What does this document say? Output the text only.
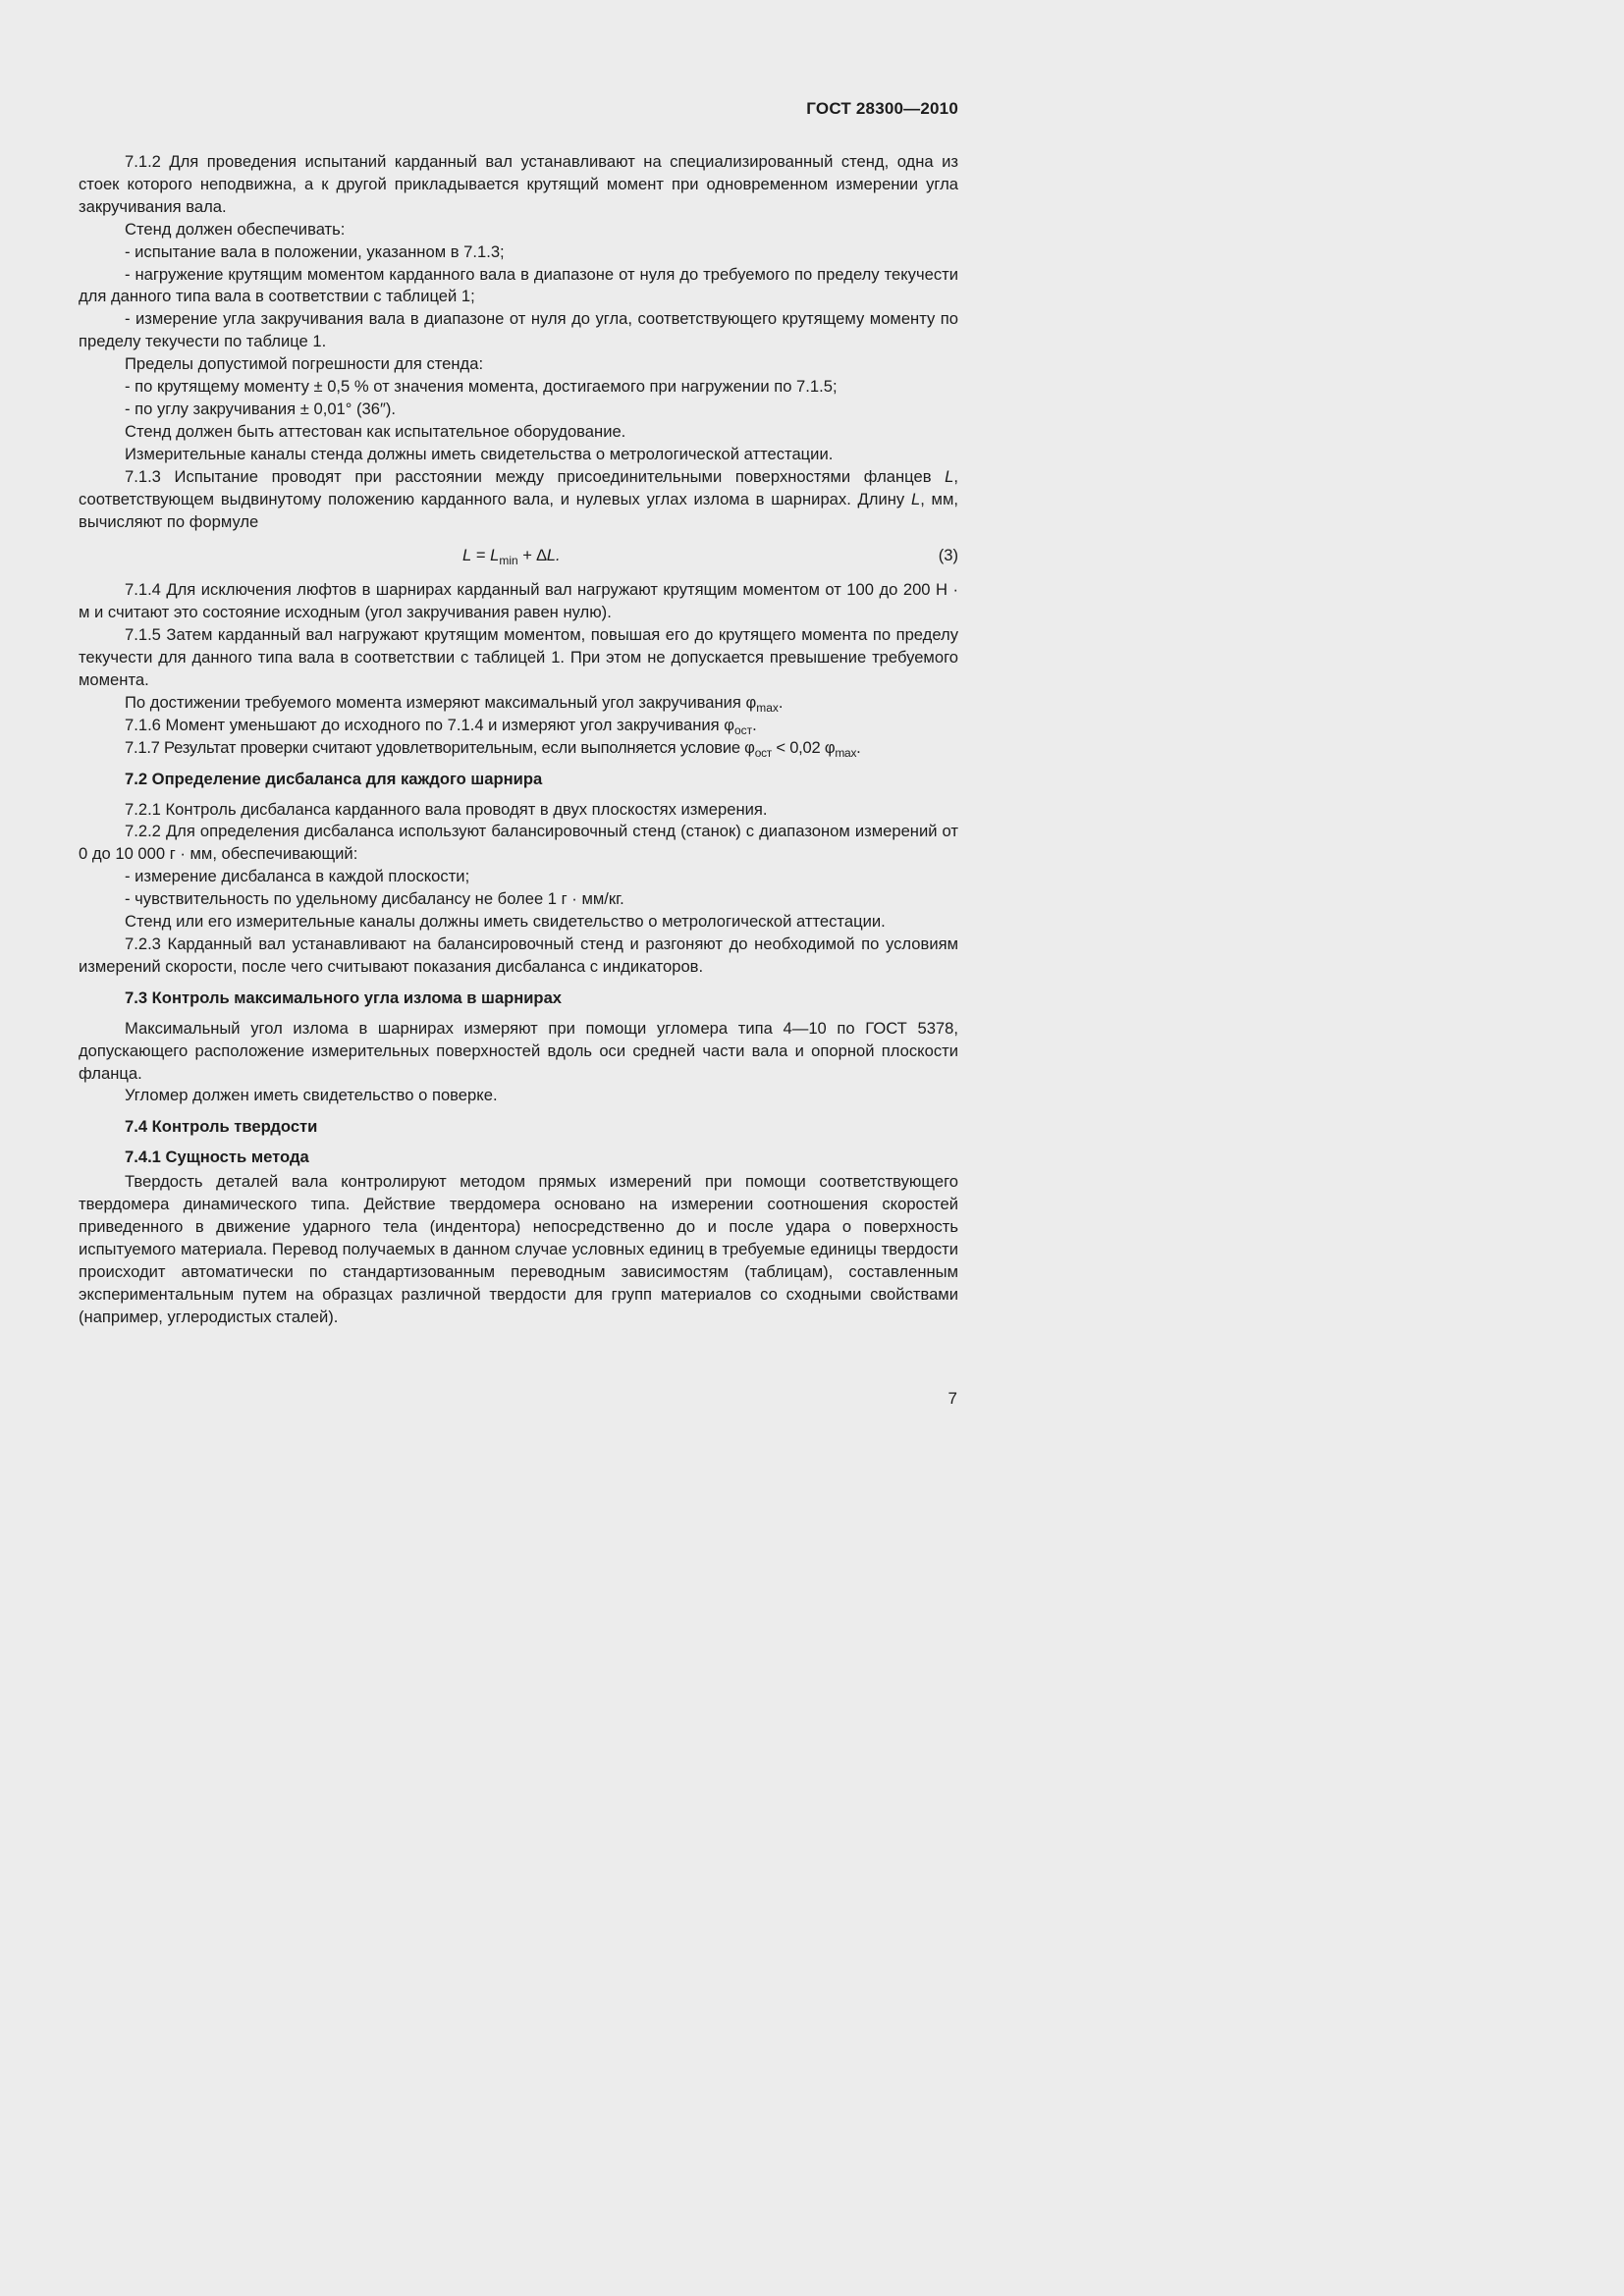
ГОСТ 28300—2010

7.1.2 Для проведения испытаний карданный вал устанавливают на специализированный стенд, одна из стоек которого неподвижна, а к другой прикладывается крутящий момент при одновременном измерении угла закручивания вала.

Стенд должен обеспечивать:

- испытание вала в положении, указанном в 7.1.3;

- нагружение крутящим моментом карданного вала в диапазоне от нуля до требуемого по пределу текучести для данного типа вала в соответствии с таблицей 1;

- измерение угла закручивания вала в диапазоне от нуля до угла, соответствующего крутящему моменту по пределу текучести по таблице 1.

Пределы допустимой погрешности для стенда:

- по крутящему моменту ± 0,5 % от значения момента, достигаемого при нагружении по 7.1.5;

- по углу закручивания ± 0,01° (36″).

Стенд должен быть аттестован как испытательное оборудование.

Измерительные каналы стенда должны иметь свидетельства о метрологической аттестации.

7.1.3 Испытание проводят при расстоянии между присоединительными поверхностями фланцев L, соответствующем выдвинутому положению карданного вала, и нулевых углах излома в шарнирах. Длину L, мм, вычисляют по формуле

$L = L_{min} + \Delta L$.	(3)

7.1.4 Для исключения люфтов в шарнирах карданный вал нагружают крутящим моментом от 100 до 200 Н · м и считают это состояние исходным (угол закручивания равен нулю).

7.1.5 Затем карданный вал нагружают крутящим моментом, повышая его до крутящего момента по пределу текучести для данного типа вала в соответствии с таблицей 1. При этом не допускается превышение требуемого момента.

По достижении требуемого момента измеряют максимальный угол закручивания $\varphi_{max}$.

7.1.6 Момент уменьшают до исходного по 7.1.4 и измеряют угол закручивания $\varphi_{ост}$.

7.1.7 Результат проверки считают удовлетворительным, если выполняется условие $\varphi_{ост} < 0,02$ $\varphi_{max}$.

7.2 Определение дисбаланса для каждого шарнира

7.2.1 Контроль дисбаланса карданного вала проводят в двух плоскостях измерения.

7.2.2 Для определения дисбаланса используют балансировочный стенд (станок) с диапазоном измерений от 0 до 10 000 г · мм, обеспечивающий:

- измерение дисбаланса в каждой плоскости;

- чувствительность по удельному дисбалансу не более 1 г · мм/кг.

Стенд или его измерительные каналы должны иметь свидетельство о метрологической аттестации.

7.2.3 Карданный вал устанавливают на балансировочный стенд и разгоняют до необходимой по условиям измерений скорости, после чего считывают показания дисбаланса с индикаторов.

7.3 Контроль максимального угла излома в шарнирах

Максимальный угол излома в шарнирах измеряют при помощи угломера типа 4—10 по ГОСТ 5378, допускающего расположение измерительных поверхностей вдоль оси средней части вала и опорной плоскости фланца.

Угломер должен иметь свидетельство о поверке.

7.4 Контроль твердости

7.4.1 Сущность метода

Твердость деталей вала контролируют методом прямых измерений при помощи соответствующего твердомера динамического типа. Действие твердомера основано на измерении соотношения скоростей приведенного в движение ударного тела (индентора) непосредственно до и после удара о поверхность испытуемого материала. Перевод получаемых в данном случае условных единиц в требуемые единицы твердости происходит автоматически по стандартизованным переводным зависимостям (таблицам), составленным экспериментальным путем на образцах различной твердости для групп материалов со сходными свойствами (например, углеродистых сталей).

7
